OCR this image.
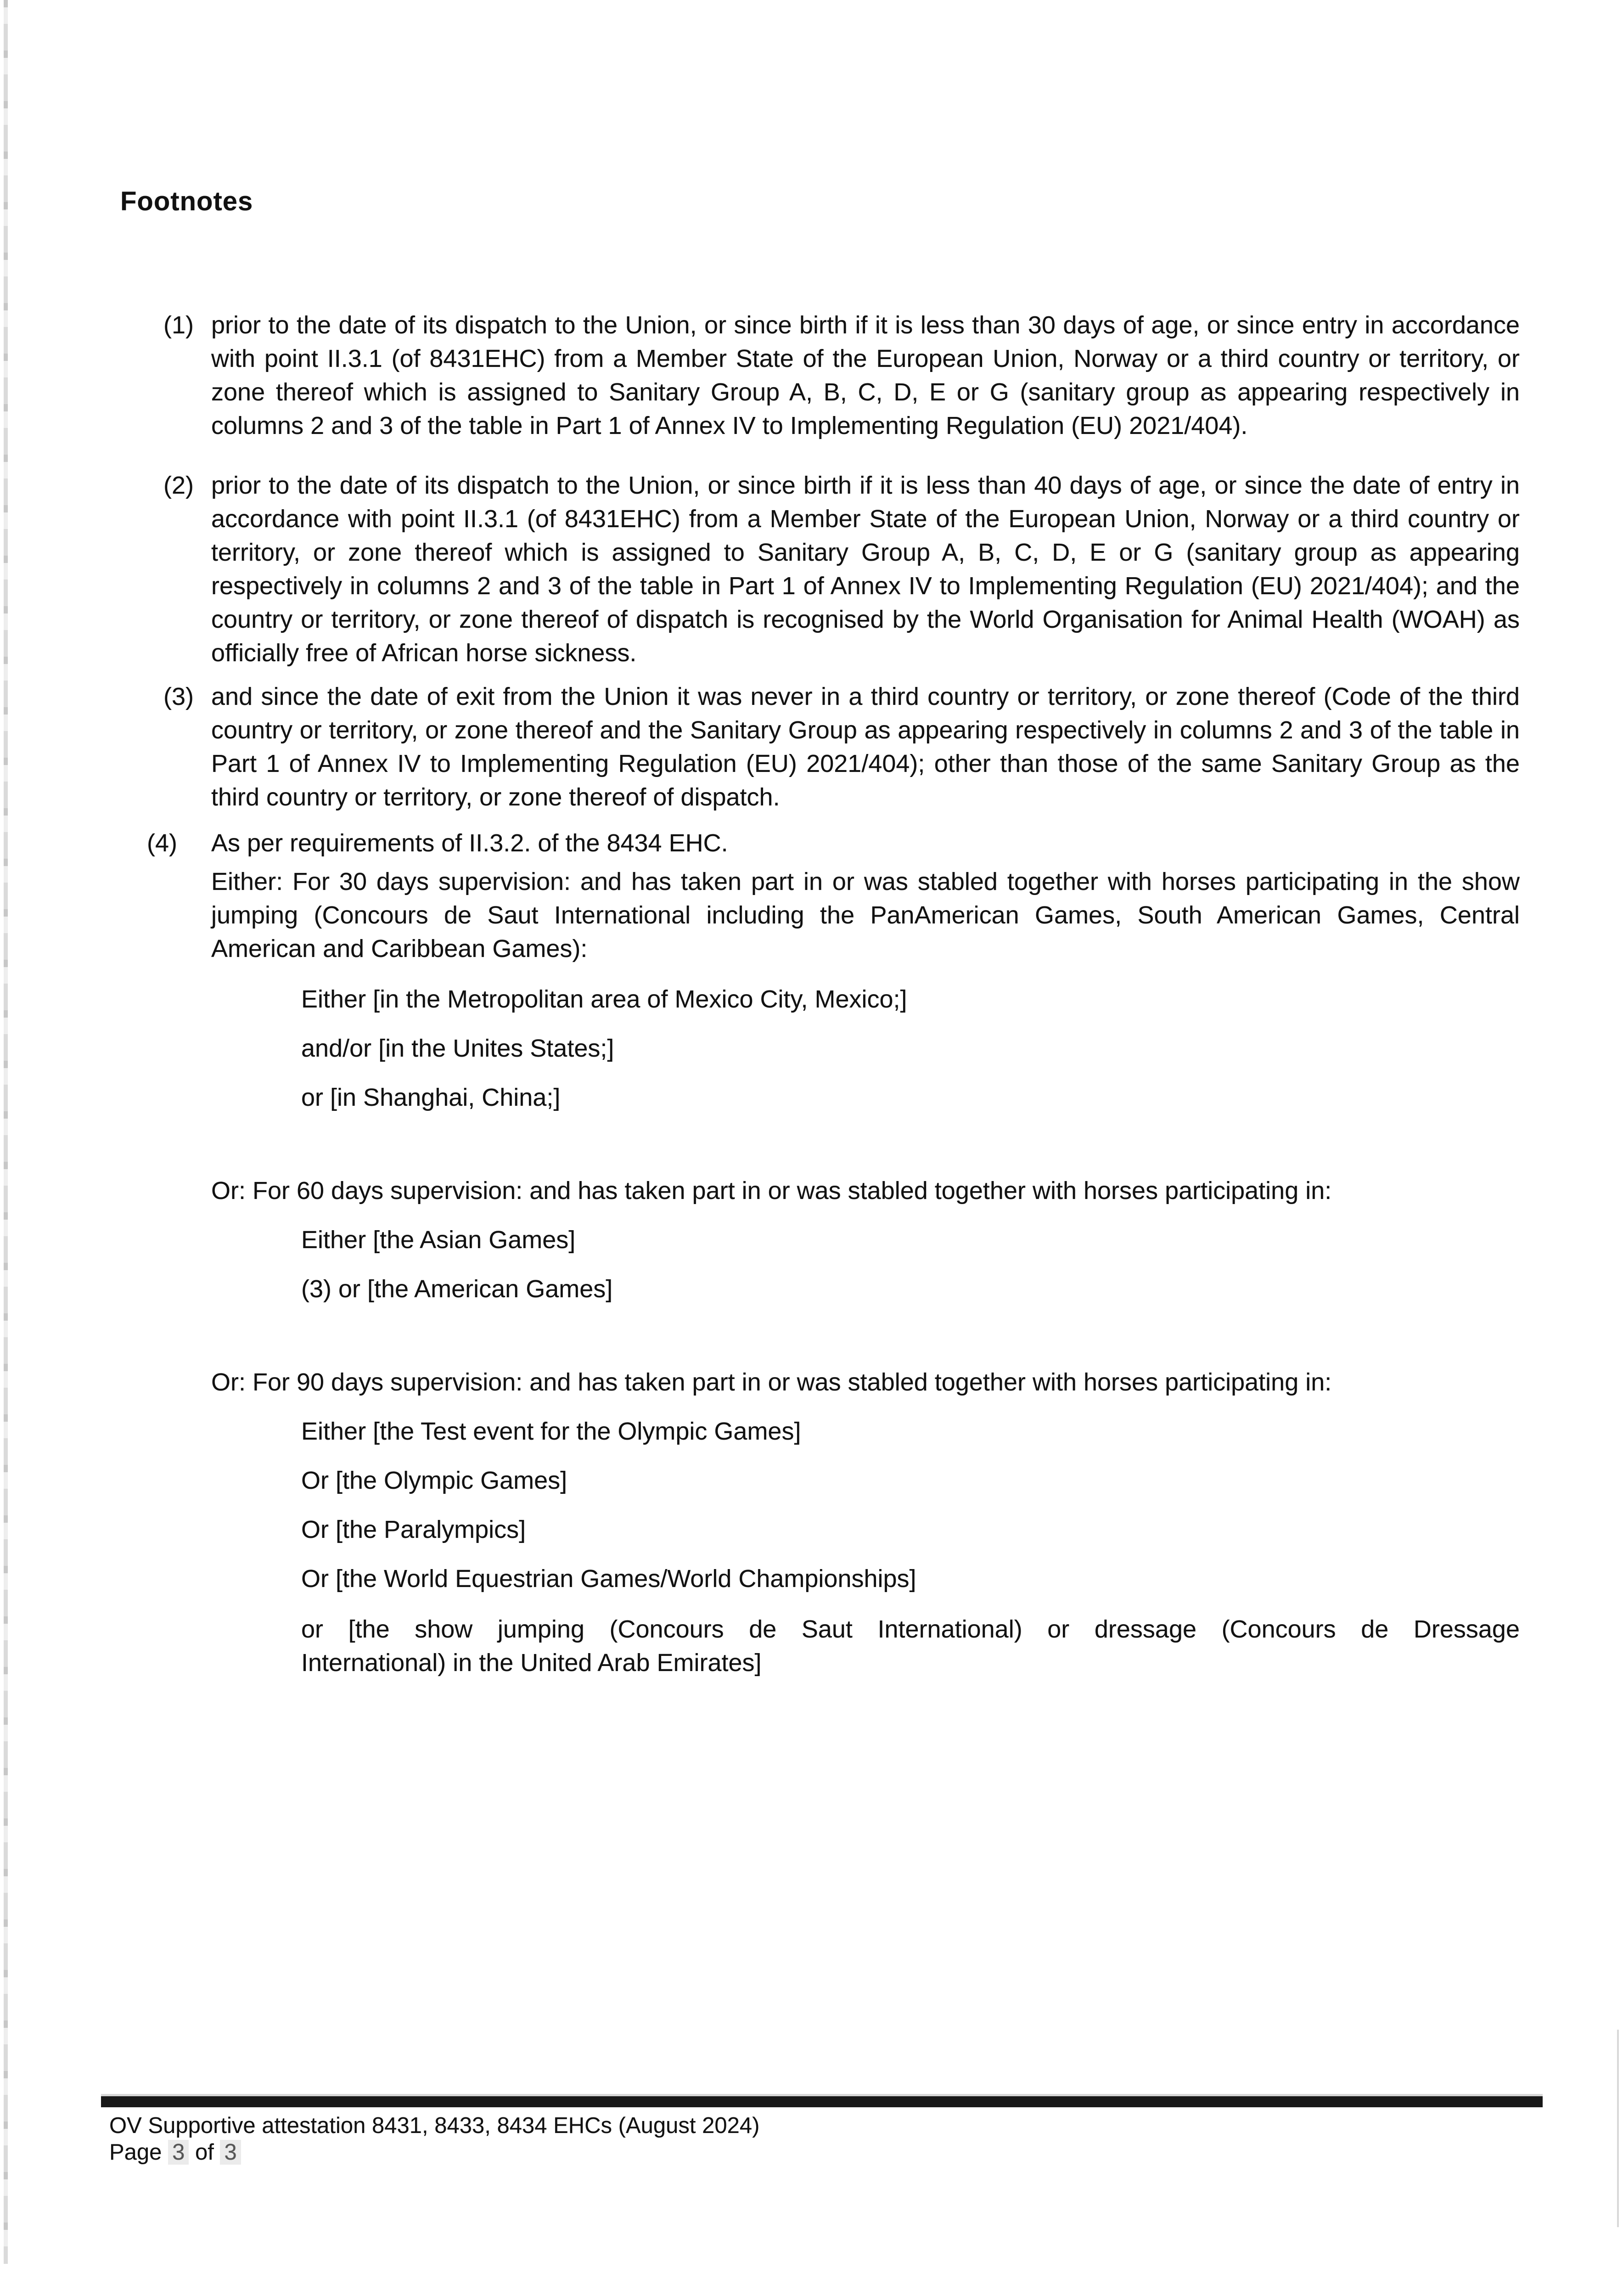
Footnotes
(1) prior to the date of its dispatch to the Union, or since birth if it is less than 30 days of age, or since entry in accordance with point II.3.1 (of 8431EHC) from a Member State of the European Union, Norway or a third country or territory, or zone thereof which is assigned to Sanitary Group A, B, C, D, E or G (sanitary group as appearing respectively in columns 2 and 3 of the table in Part 1 of Annex IV to Implementing Regulation (EU) 2021/404).
(2) prior to the date of its dispatch to the Union, or since birth if it is less than 40 days of age, or since the date of entry in accordance with point II.3.1 (of 8431EHC) from a Member State of the European Union, Norway or a third country or territory, or zone thereof which is assigned to Sanitary Group A, B, C, D, E or G (sanitary group as appearing respectively in columns 2 and 3 of the table in Part 1 of Annex IV to Implementing Regulation (EU) 2021/404); and the country or territory, or zone thereof of dispatch is recognised by the World Organisation for Animal Health (WOAH) as officially free of African horse sickness.
(3) and since the date of exit from the Union it was never in a third country or territory, or zone thereof (Code of the third country or territory, or zone thereof and the Sanitary Group as appearing respectively in columns 2 and 3 of the table in Part 1 of Annex IV to Implementing Regulation (EU) 2021/404); other than those of the same Sanitary Group as the third country or territory, or zone thereof of dispatch.
(4) As per requirements of II.3.2. of the 8434 EHC.
Either: For 30 days supervision: and has taken part in or was stabled together with horses participating in the show jumping (Concours de Saut International including the PanAmerican Games, South American Games, Central American and Caribbean Games):
Either [in the Metropolitan area of Mexico City, Mexico;]
and/or [in the Unites States;]
or [in Shanghai, China;]
Or: For 60 days supervision: and has taken part in or was stabled together with horses participating in:
Either [the Asian Games]
(3) or [the American Games]
Or: For 90 days supervision: and has taken part in or was stabled together with horses participating in:
Either [the Test event for the Olympic Games]
Or [the Olympic Games]
Or [the Paralympics]
Or [the World Equestrian Games/World Championships]
or [the show jumping (Concours de Saut International) or dressage (Concours de Dressage
International) in the United Arab Emirates]
OV Supportive attestation 8431, 8433, 8434 EHCs (August 2024)
Page 3 of 3
